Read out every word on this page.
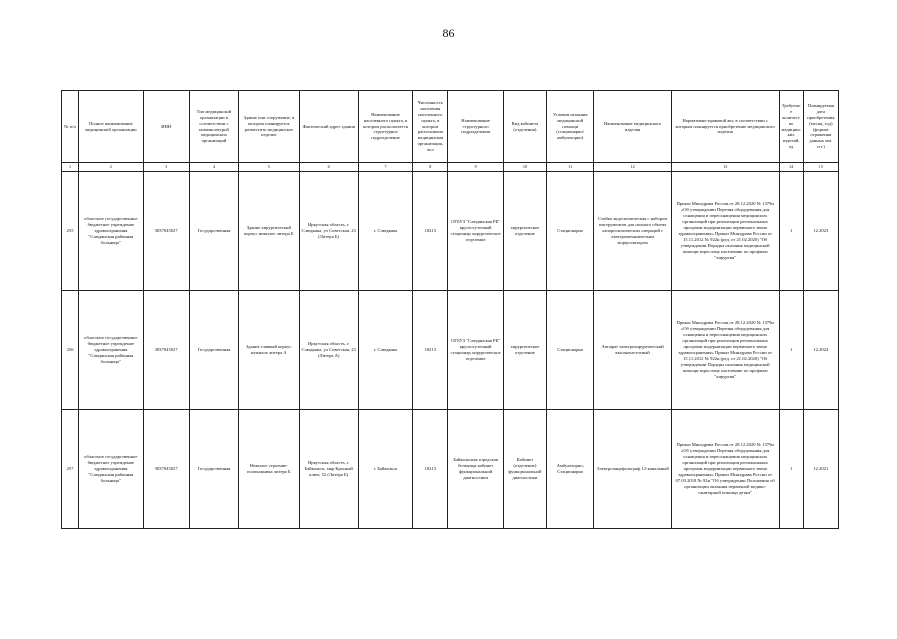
86
№ п/п	Полное наименование медицинской организации	ИНН	Тип медицинской организации в соответствии с номенклатурой медицинских организаций	Здание или сооружение, в котором планируется разместить медицинское изделие	Фактический адрес здания	Наименование населенного пункта, в котором располагается структурное подразделение	Численность населения населенного пункта, в котором расположена медицинская организация, чел	Наименование структурного подразделения	Вид кабинета (отделения)	Условия оказания медицинской помощи (стационарно/амбулаторно)	Наименование медицинского изделия	Нормативно-правовой акт, в соответствии с которым планируется приобретение медицинского изделия	Требуемое количество медицинских изделий, ед	Планируемая дата приобретения (месяц, год) (формат отражения данных мм. ггг.)
1	2	3	4	5	6	7	8	9	10	11	12	13	14	15
255	областное государственное бюджетное учреждение здравоохранения "Слюдянская районная больница"	3837045027	Государственная	Здание хирургический корпус нежилое литера Б	Иркутская область, г. Слюдянка, ул Советская, 23 (Литера Б)	г. Слюдянка	18213	ОГБУЗ "Слюдянская РБ" круглосуточный стационар хирургическое отделение	хирургическое отделение	Стационарно	Стойка эндоскопическая с набором инструментов для полного объема лапароскопических операций с электромеханическим морцеллятором	Приказ Минздрава России от 28.12.2020 № 1379н «Об утверждении Перечня оборудования для оснащения и переоснащения медицинских организаций при реализации региональных программ модернизации первичного звена здравоохранения» Приказ Минздрава России от 15.11.2012 № 922н (ред. от 21.02.2020) "Об утверждении Порядка оказания медицинской помощи взрослому населению по профилю "хирургия"	1	12.2023
256	областное государственное бюджетное учреждение здравоохранения "Слюдянская районная больница"	3837045027	Государственная	Здание главный корпус нежилое литера А	Иркутская область, г. Слюдянка, ул Советская, 23 (Литера А)	г. Слюдянка	18213	ОГБУЗ "Слюдянская РБ" круглосуточный стационар хирургическое отделение	хирургическое отделение	Стационарно	Аппарат электрохирургический высокочастотный	Приказ Минздрава России от 28.12.2020 № 1379н «Об утверждении Перечня оборудования для оснащения и переоснащения медицинских организаций при реализации региональных программ модернизации первичного звена здравоохранения» Приказ Минздрава России от 15.11.2012 № 922н (ред. от 21.02.2020) "Об утверждении Порядка оказания медицинской помощи взрослому населению по профилю "хирургия"	1	12.2024
257	областное государственное бюджетное учреждение здравоохранения "Слюдянская районная больница"	3837045027	Государственная	Нежилое строение-поликлиника литера Б	Иркутская область, г. Байкальск, мкр Красный ключ, 52 (Литера Б)	г. Байкальск	18213	Байкальская городская больница кабинет функциональной диагностики	Кабинет (отделение) функциональной диагностики	Амбулаторно, Стационарно	Электроэнцефалограф 12-канальный	Приказ Минздрава России от 28.12.2020 № 1379н «Об утверждении Перечня оборудования для оснащения и переоснащения медицинских организаций при реализации региональных программ модернизации первичного звена здравоохранения» Приказ Минздрава России от 07.03.2018 № 92н "Об утверждении Положения об организации оказания первичной медико-санитарной помощи детям"	1	12.2021
